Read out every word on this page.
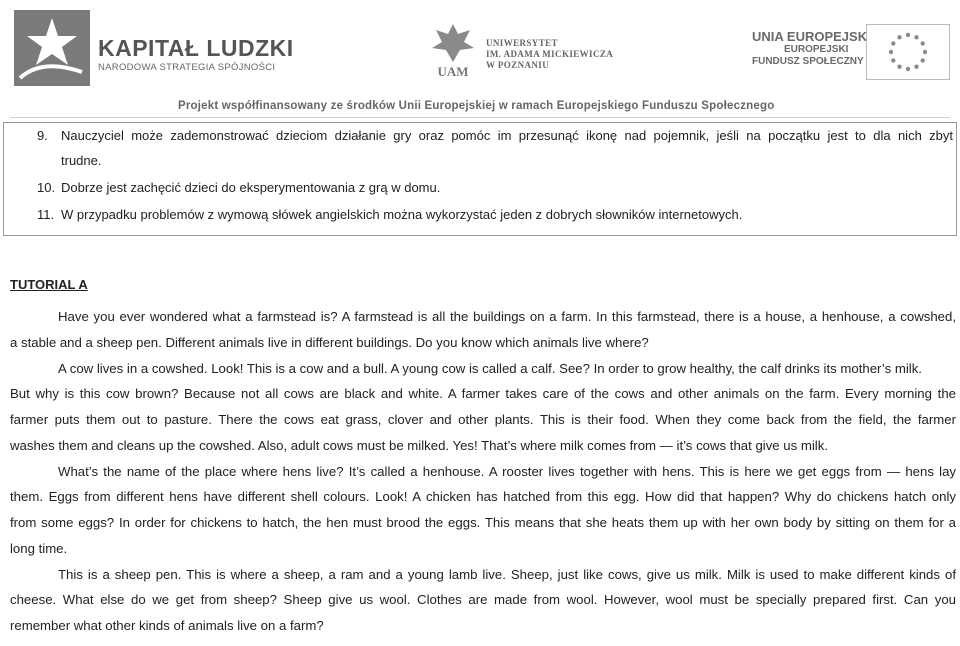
KAPITAŁ LUDZKI
NARODOWA STRATEGIA SPÓJNOŚCI	UAM
UNIWERSYTET
IM. ADAMA MICKIEWICZA
W POZNANIU
UNIA EUROPEJSKA
EUROPEJSKI
FUNDUSZ SPOŁECZNY
Projekt współfinansowany ze środków Unii Europejskiej w ramach Europejskiego Funduszu Społecznego
9. Nauczyciel może zademonstrować dzieciom działanie gry oraz pomóc im przesunąć ikonę nad pojemnik, jeśli na początku jest to dla nich zbyt
trudne.
10. Dobrze jest zachęcić dzieci do eksperymentowania z grą w domu.
11. W przypadku problemów z wymową słówek angielskich można wykorzystać jeden z dobrych słowników internetowych.
TUTORIAL A
Have you ever wondered what a farmstead is? A farmstead is all the buildings on a farm. In this farmstead, there is a house, a henhouse, a cowshed,
a stable and a sheep pen. Different animals live in different buildings. Do you know which animals live where?
A cow lives in a cowshed. Look! This is a cow and a bull. A young cow is called a calf. See? In order to grow healthy, the calf drinks its mother’s milk.
But why is this cow brown? Because not all cows are black and white. A farmer takes care of the cows and other animals on the farm. Every morning the
farmer puts them out to pasture. There the cows eat grass, clover and other plants. This is their food. When they come back from the field, the farmer
washes them and cleans up the cowshed. Also, adult cows must be milked. Yes! That’s where milk comes from — it’s cows that give us milk.
What’s the name of the place where hens live? It’s called a henhouse. A rooster lives together with hens. This is here we get eggs from — hens lay
them. Eggs from different hens have different shell colours. Look! A chicken has hatched from this egg. How did that happen? Why do chickens hatch only
from some eggs? In order for chickens to hatch, the hen must brood the eggs. This means that she heats them up with her own body by sitting on them for a
long time.
This is a sheep pen. This is where a sheep, a ram and a young lamb live. Sheep, just like cows, give us milk. Milk is used to make different kinds of
cheese. What else do we get from sheep? Sheep give us wool. Clothes are made from wool. However, wool must be specially prepared first. Can you
remember what other kinds of animals live on a farm?
